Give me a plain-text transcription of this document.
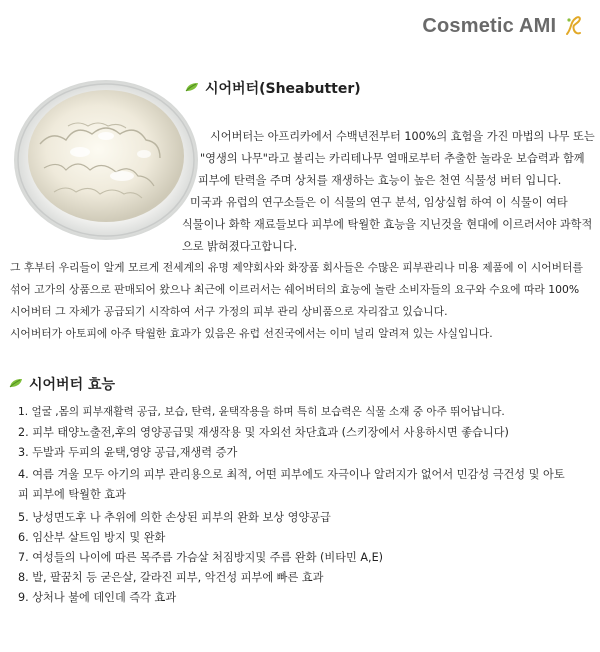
Cosmetic AMI
시어버터(Sheabutter)
시어버터는 아프리카에서 수백년전부터 100%의 효험을 가진 마법의 나무 또는
"영생의 나무"라고 불리는 카리테나무 열매로부터 추출한 놀라운 보습력과 함께
피부에 탄력을 주며 상처를 재생하는 효능이 높은 천연 식물성 버터 입니다.
미국과 유럽의 연구소들은 이 식물의 연구 분석, 임상실험 하여 이 식물이 여타
식물이나 화학 재료들보다 피부에 탁월한 효능을 지닌것을 현대에 이르러서야 과학적
으로 밝혀졌다고합니다.
그 후부터 우리들이 알게 모르게 전세계의 유명 제약회사와 화장품 회사들은 수많은 피부관리나 미용 제품에 이 시어버터를
섞어 고가의 상품으로 판매되어 왔으나 최근에 이르러서는 쉐어버터의 효능에 놀란 소비자들의 요구와 수요에 따라 100%
시어버터 그 자체가 공급되기 시작하여 서구 가정의 피부 관리 상비품으로 자리잡고 있습니다.
시어버터가 아토피에 아주 탁월한 효과가 있음은 유럽 선진국에서는 이미 널리 알려져 있는 사실입니다.
시어버터 효능
1. 얼굴 ,몸의 피부재활력 공급, 보습, 탄력, 윤택작용을 하며 특히 보습력은 식물 소재 중 아주 뛰어납니다.
2. 피부 태양노출전,후의 영양공급및 재생작용 및 자외선 차단효과 (스키장에서 사용하시면 좋습니다)
3. 두발과 두피의 윤택,영양 공급,재생력 증가
4. 여름 겨울 모두 아기의 피부 관리용으로 최적, 어떤 피부에도 자극이나 알러지가 없어서 민감성 극건성 및 아토피 피부에 탁월한 효과
5. 낭성면도후 나 추위에 의한 손상된 피부의 완화 보상 영양공급
6. 임산부 살트임 방지 및 완화
7. 여성들의 나이에 따른 목주름 가슴살 처짐방지및 주름 완화 (비타민 A,E)
8. 발, 팔꿈치 등 굳은살, 갈라진 피부, 악건성 피부에 빠른 효과
9. 상처나 불에 데인데 즉각 효과
